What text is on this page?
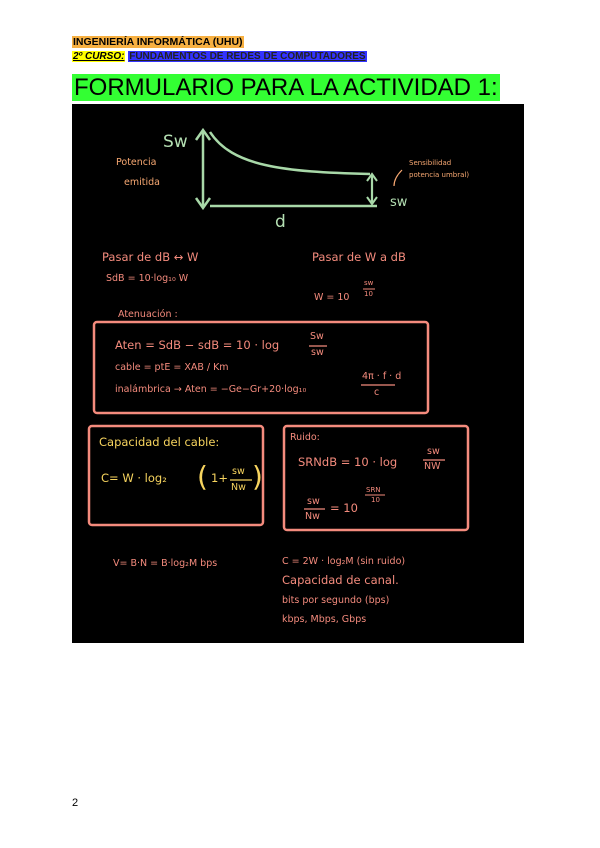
INGENIERÍA INFORMÁTICA (UHU)
2º CURSO: FUNDAMENTOS DE REDES DE COMPUTADORES
FORMULARIO PARA LA ACTIVIDAD 1:
Sw
Potencia
emitida
Sensibilidad
potencia umbral)
d
sw
Pasar de dB ↔ W
SdB = 10·log₁₀ W
Pasar de W a dB
W = 10
sw
10
Atenuación :
Aten = SdB − sdB = 10 · log
Sw
sw
cable = ptE = XAB / Km
inalámbrica → Aten = −Ge−Gr+20·log₁₀
4π · f · d
c
Capacidad del cable:
C= W · log₂ ( 1+ sw
Nw )
Ruido:
SRNdB = 10 · log
sw
NW
sw
Nw
= 10
SRN
10
V= B·N = B·log₂M bps	C = 2W · log₂M (sin ruido)
Capacidad de canal.
bits por segundo (bps)
kbps, Mbps, Gbps
2
